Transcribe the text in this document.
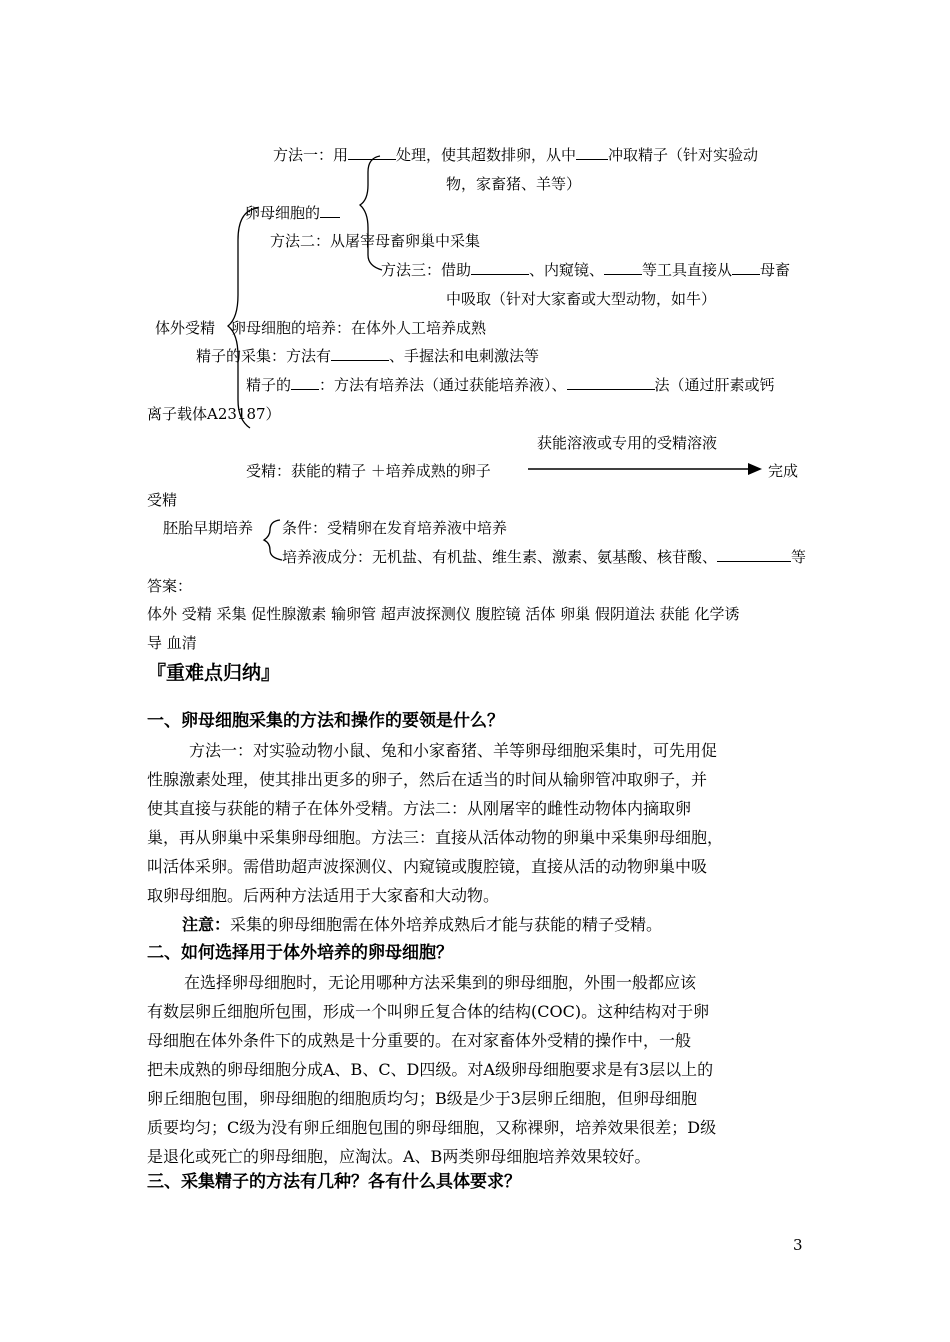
方法一：用	处理，使其超数排卵，从中 冲取精子（针对实验动
物，家畜猪、羊等）
卵母细胞的
方法二：从屠宰母畜卵巢中采集
方法三：借助	、内窥镜、	等工具直接从 母畜
中吸取（针对大家畜或大型动物，如牛）
体外受精 卵母细胞的培养：在体外人工培养成熟
精子的采集：方法有	、手握法和电刺激法等
精子的 ：方法有培养法（通过获能培养液）、	法（通过肝素或钙
离子载体A23187）
获能溶液或专用的受精溶液
受精：获能的精子 ＋培养成熟的卵子	完成
受精
胚胎早期培养 条件：受精卵在发育培养液中培养
培养液成分：无机盐、有机盐、维生素、激素、氨基酸、核苷酸、	等
答案：
体外 受精 采集 促性腺激素 输卵管 超声波探测仪 腹腔镜 活体 卵巢 假阴道法 获能 化学诱
导 血清
『重难点归纳』
一、卵母细胞采集的方法和操作的要领是什么？
方法一：对实验动物小鼠、兔和小家畜猪、羊等卵母细胞采集时，可先用促
性腺激素处理，使其排出更多的卵子，然后在适当的时间从输卵管冲取卵子，并
使其直接与获能的精子在体外受精。方法二：从刚屠宰的雌性动物体内摘取卵
巢，再从卵巢中采集卵母细胞。方法三：直接从活体动物的卵巢中采集卵母细胞，
叫活体采卵。需借助超声波探测仪、内窥镜或腹腔镜，直接从活的动物卵巢中吸
取卵母细胞。后两种方法适用于大家畜和大动物。
注意：采集的卵母细胞需在体外培养成熟后才能与获能的精子受精。
二、如何选择用于体外培养的卵母细胞？
在选择卵母细胞时，无论用哪种方法采集到的卵母细胞，外围一般都应该
有数层卵丘细胞所包围，形成一个叫卵丘复合体的结构(COC)。这种结构对于卵
母细胞在体外条件下的成熟是十分重要的。在对家畜体外受精的操作中，一般
把未成熟的卵母细胞分成A、B、C、D四级。对A级卵母细胞要求是有3层以上的
卵丘细胞包围，卵母细胞的细胞质均匀；B级是少于3层卵丘细胞，但卵母细胞
质要均匀；C级为没有卵丘细胞包围的卵母细胞，又称裸卵，培养效果很差；D级
是退化或死亡的卵母细胞，应淘汰。A、B两类卵母细胞培养效果较好。
三、采集精子的方法有几种？各有什么具体要求？
3
